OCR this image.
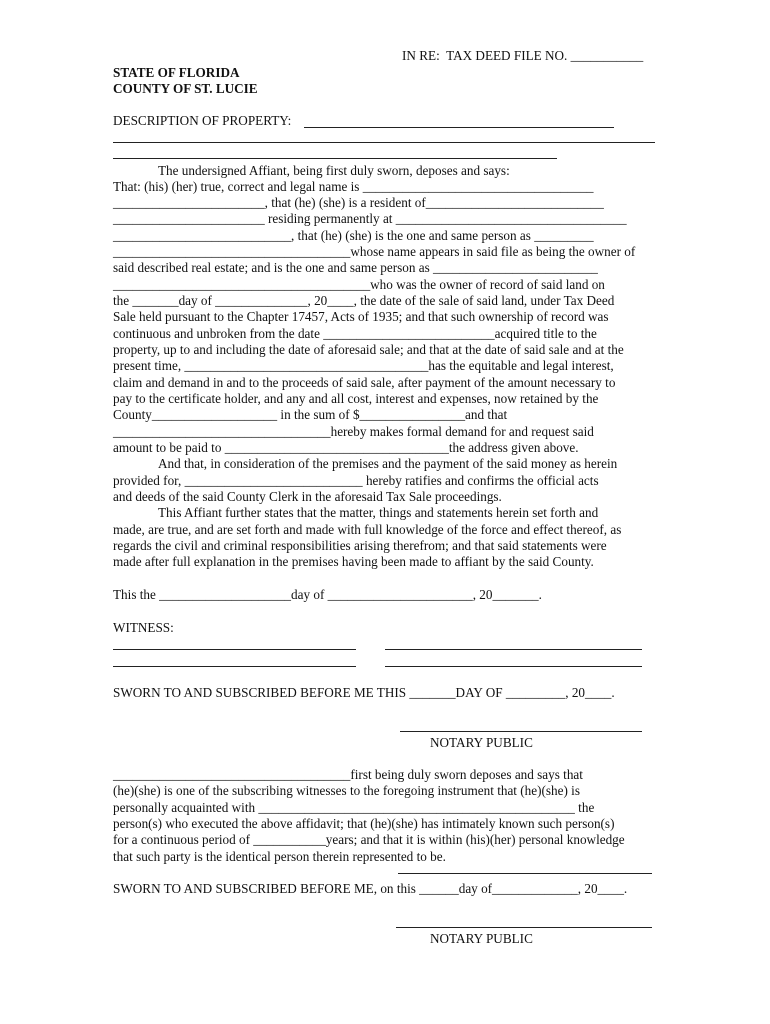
IN RE:  TAX DEED FILE NO. ___________
STATE OF FLORIDA
COUNTY OF ST. LUCIE
DESCRIPTION OF PROPERTY:
The undersigned Affiant, being first duly sworn, deposes and says:
That: (his) (her) true, correct and legal name is ___________________________________
_______________________, that (he) (she) is a resident of___________________________
_______________________ residing permanently at ___________________________________
___________________________, that (he) (she) is the one and same person as _________
____________________________________whose name appears in said file as being the owner of
said described real estate; and is the one and same person as _________________________
_______________________________________who was the owner of record of said land on
the _______day of ______________, 20____, the date of the sale of said land, under Tax Deed
Sale held pursuant to the Chapter 17457, Acts of 1935; and that such ownership of record was
continuous and unbroken from the date __________________________acquired title to the
property, up to and including the date of aforesaid sale; and that at the date of said sale and at the
present time, _____________________________________has the equitable and legal interest,
claim and demand in and to the proceeds of said sale, after payment of the amount necessary to
pay to the certificate holder, and any and all cost, interest and expenses, now retained by the
County___________________ in the sum of $________________and that
_________________________________hereby makes formal demand for and request said
amount to be paid to __________________________________the address given above.
And that, in consideration of the premises and the payment of the said money as herein
provided for, ___________________________ hereby ratifies and confirms the official acts
and deeds of the said County Clerk in the aforesaid Tax Sale proceedings.
This Affiant further states that the matter, things and statements herein set forth and
made, are true, and are set forth and made with full knowledge of the force and effect thereof, as
regards the civil and criminal responsibilities arising therefrom; and that said statements were
made after full explanation in the premises having been made to affiant by the said County.
This the ____________________day of ______________________, 20_______.
WITNESS:
SWORN TO AND SUBSCRIBED BEFORE ME THIS _______DAY OF _________, 20____.
NOTARY PUBLIC
____________________________________first being duly sworn deposes and says that
(he)(she) is one of the subscribing witnesses to the foregoing instrument that (he)(she) is
personally acquainted with ________________________________________________ the
person(s) who executed the above affidavit; that (he)(she) has intimately known such person(s)
for a continuous period of ___________years; and that it is within (his)(her) personal knowledge
that such party is the identical person therein represented to be.
SWORN TO AND SUBSCRIBED BEFORE ME, on this ______day of_____________, 20____.
NOTARY PUBLIC
